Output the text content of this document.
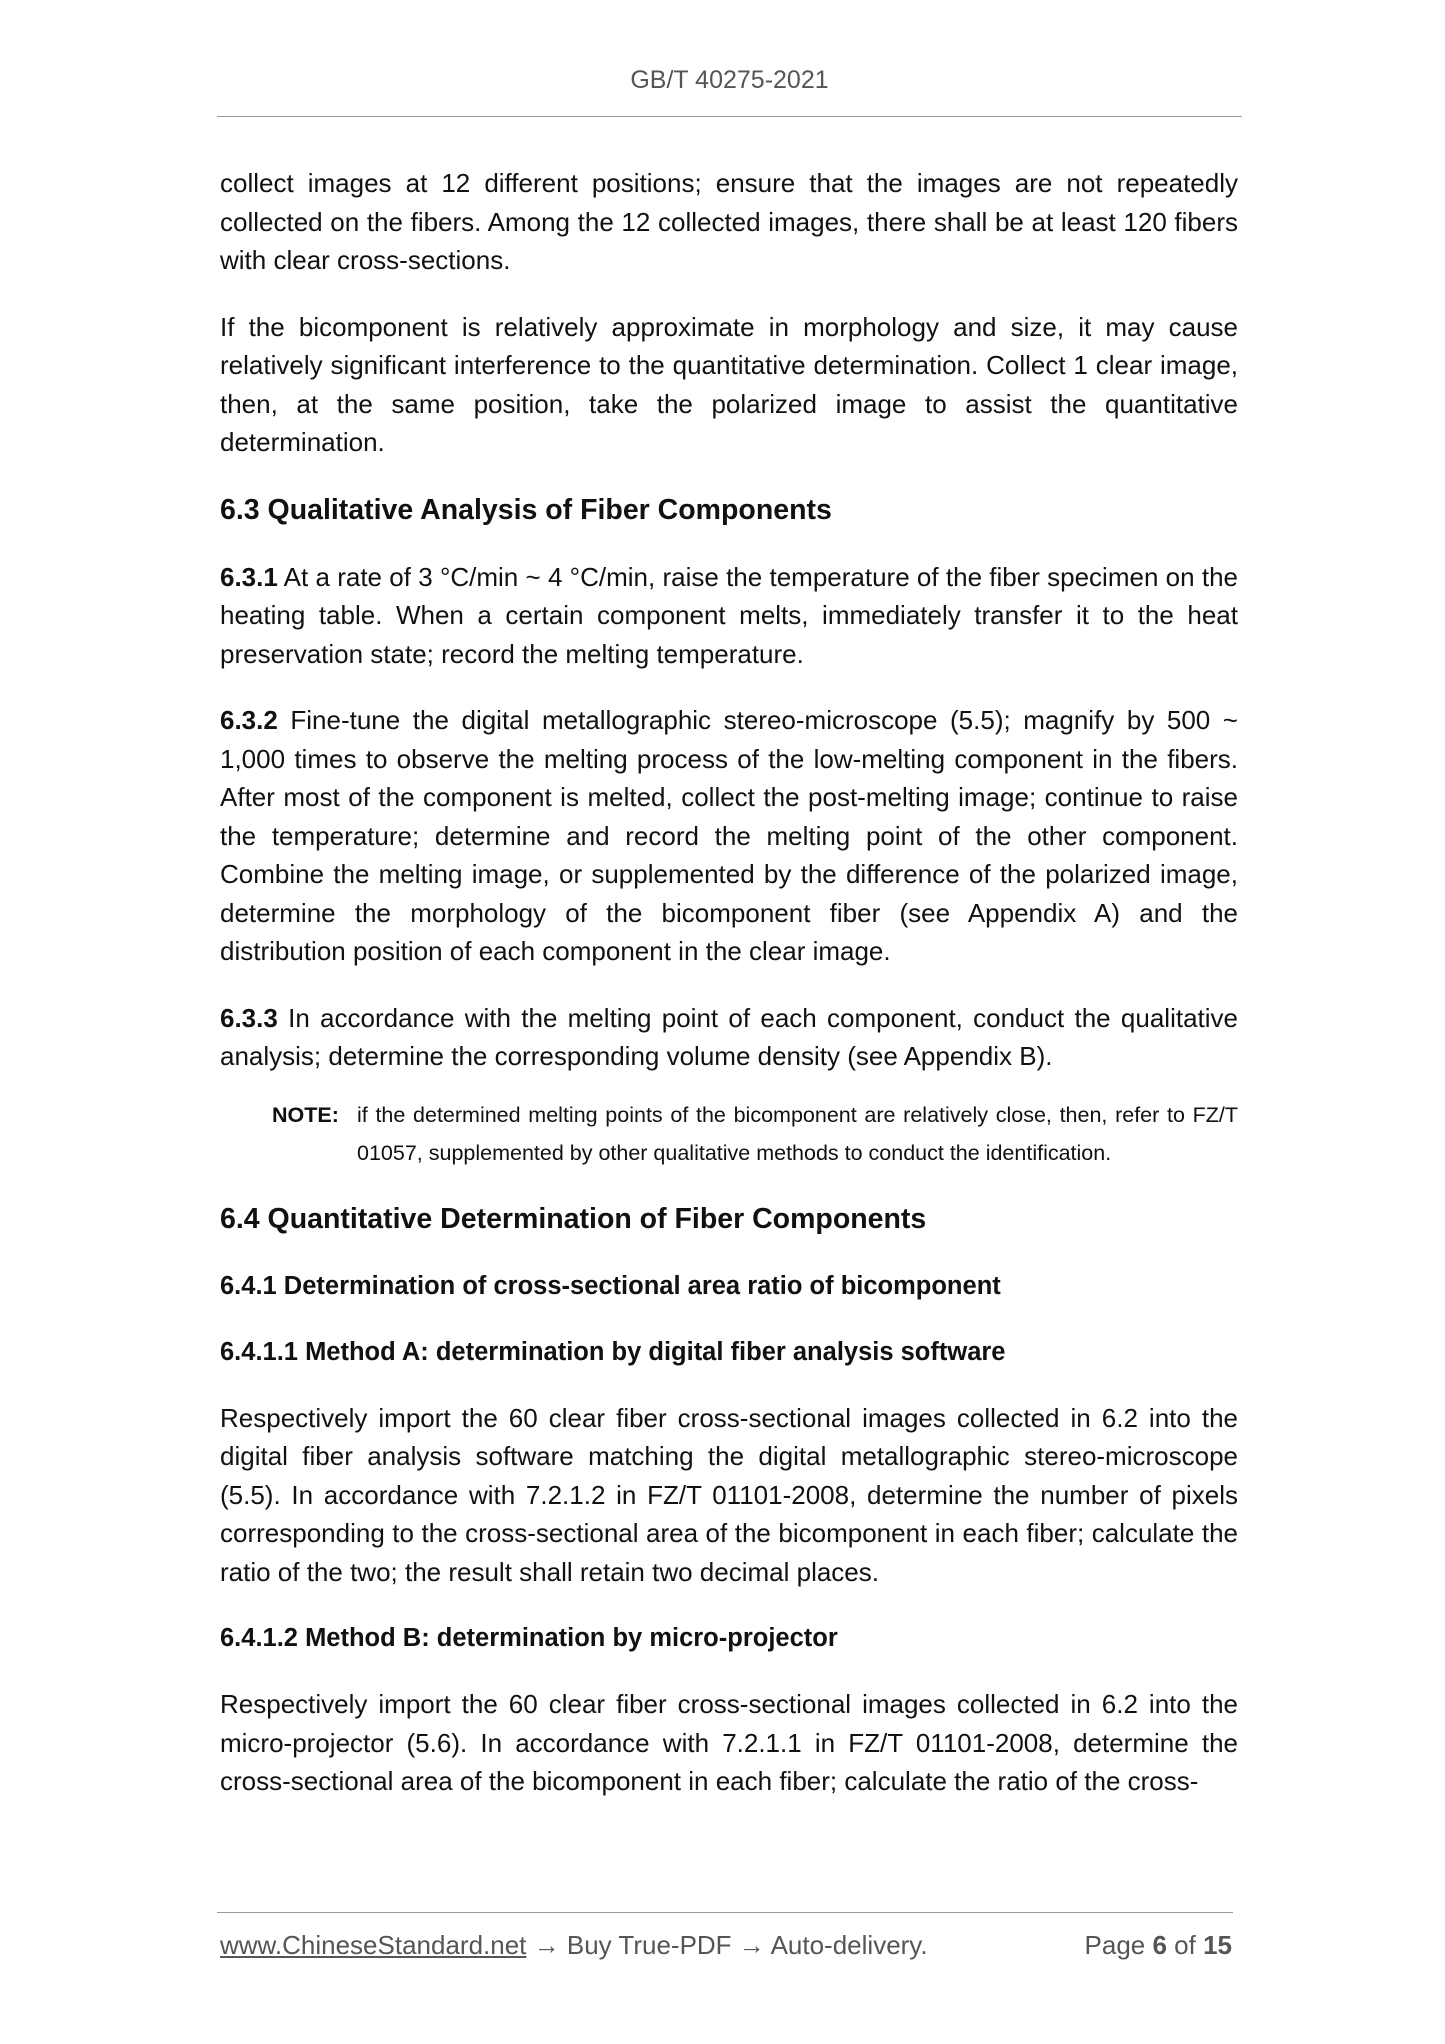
GB/T 40275-2021

collect images at 12 different positions; ensure that the images are not repeatedly collected on the fibers. Among the 12 collected images, there shall be at least 120 fibers with clear cross-sections.

If the bicomponent is relatively approximate in morphology and size, it may cause relatively significant interference to the quantitative determination. Collect 1 clear image, then, at the same position, take the polarized image to assist the quantitative determination.

6.3 Qualitative Analysis of Fiber Components

6.3.1 At a rate of 3 °C/min ~ 4 °C/min, raise the temperature of the fiber specimen on the heating table. When a certain component melts, immediately transfer it to the heat preservation state; record the melting temperature.

6.3.2 Fine-tune the digital metallographic stereo-microscope (5.5); magnify by 500 ~ 1,000 times to observe the melting process of the low-melting component in the fibers. After most of the component is melted, collect the post-melting image; continue to raise the temperature; determine and record the melting point of the other component. Combine the melting image, or supplemented by the difference of the polarized image, determine the morphology of the bicomponent fiber (see Appendix A) and the distribution position of each component in the clear image.

6.3.3 In accordance with the melting point of each component, conduct the qualitative analysis; determine the corresponding volume density (see Appendix B).

NOTE: if the determined melting points of the bicomponent are relatively close, then, refer to FZ/T 01057, supplemented by other qualitative methods to conduct the identification.
6.4 Quantitative Determination of Fiber Components
6.4.1 Determination of cross-sectional area ratio of bicomponent
6.4.1.1 Method A: determination by digital fiber analysis software

Respectively import the 60 clear fiber cross-sectional images collected in 6.2 into the digital fiber analysis software matching the digital metallographic stereo-microscope (5.5). In accordance with 7.2.1.2 in FZ/T 01101-2008, determine the number of pixels corresponding to the cross-sectional area of the bicomponent in each fiber; calculate the ratio of the two; the result shall retain two decimal places.

6.4.1.2 Method B: determination by micro-projector

Respectively import the 60 clear fiber cross-sectional images collected in 6.2 into the micro-projector (5.6). In accordance with 7.2.1.1 in FZ/T 01101-2008, determine the cross-sectional area of the bicomponent in each fiber; calculate the ratio of the cross-

www.ChineseStandard.net → Buy True-PDF → Auto-delivery.	Page 6 of 15
